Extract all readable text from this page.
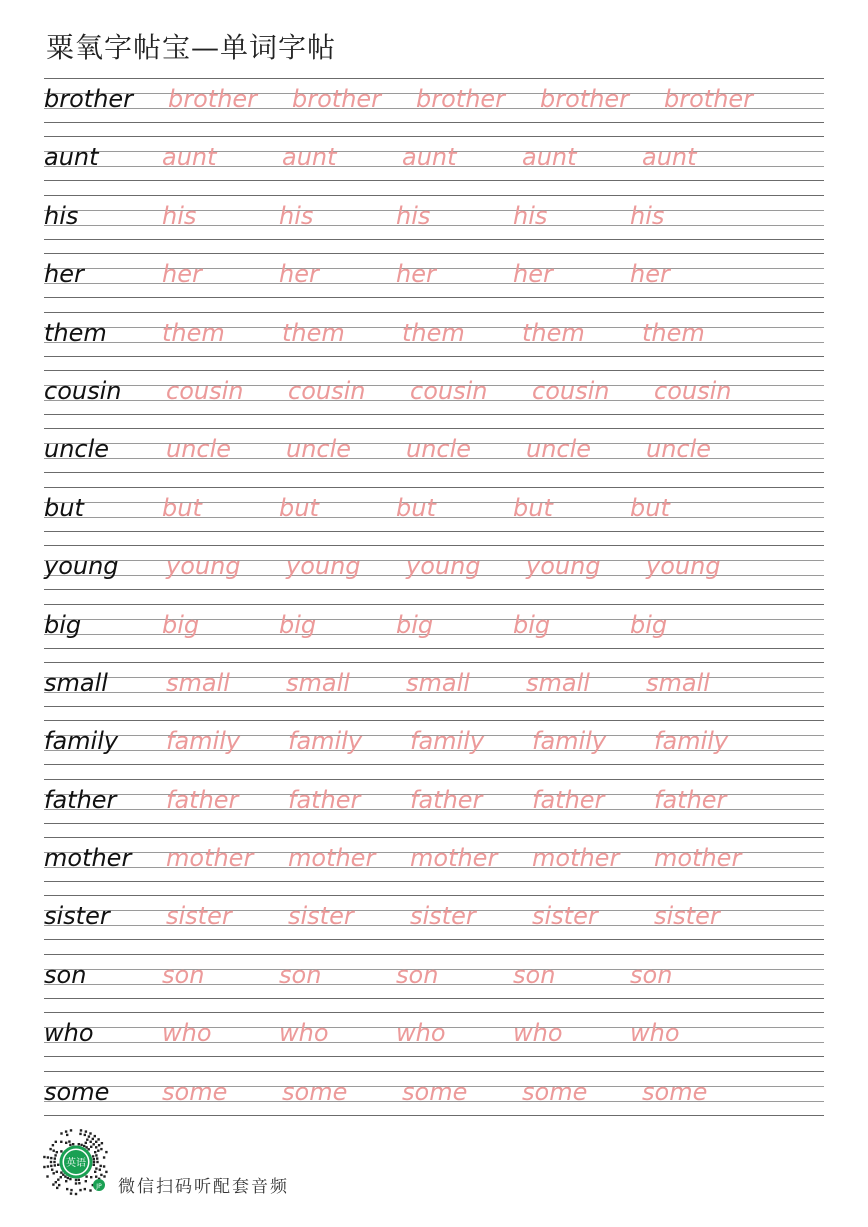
粟氧字帖宝—单词字帖
brother brother brother brother brother brother
aunt	aunt	aunt	aunt	aunt	aunt
his	his	his	his	his	his
her	her	her	her	her	her
them them them them them them
cousin cousin cousin cousin cousin cousin
uncle uncle uncle uncle uncle uncle
but	but	but	but	but	but
young young young young young young
big	big	big	big	big	big
small small small small small small
family family family family family family
father father father father father father
mother mother mother mother mother mother
sister sister sister sister sister sister
son	son	son	son	son	son
who	who	who	who	who	who
some some some some some some
英语
JP 微信扫码听配套音频
